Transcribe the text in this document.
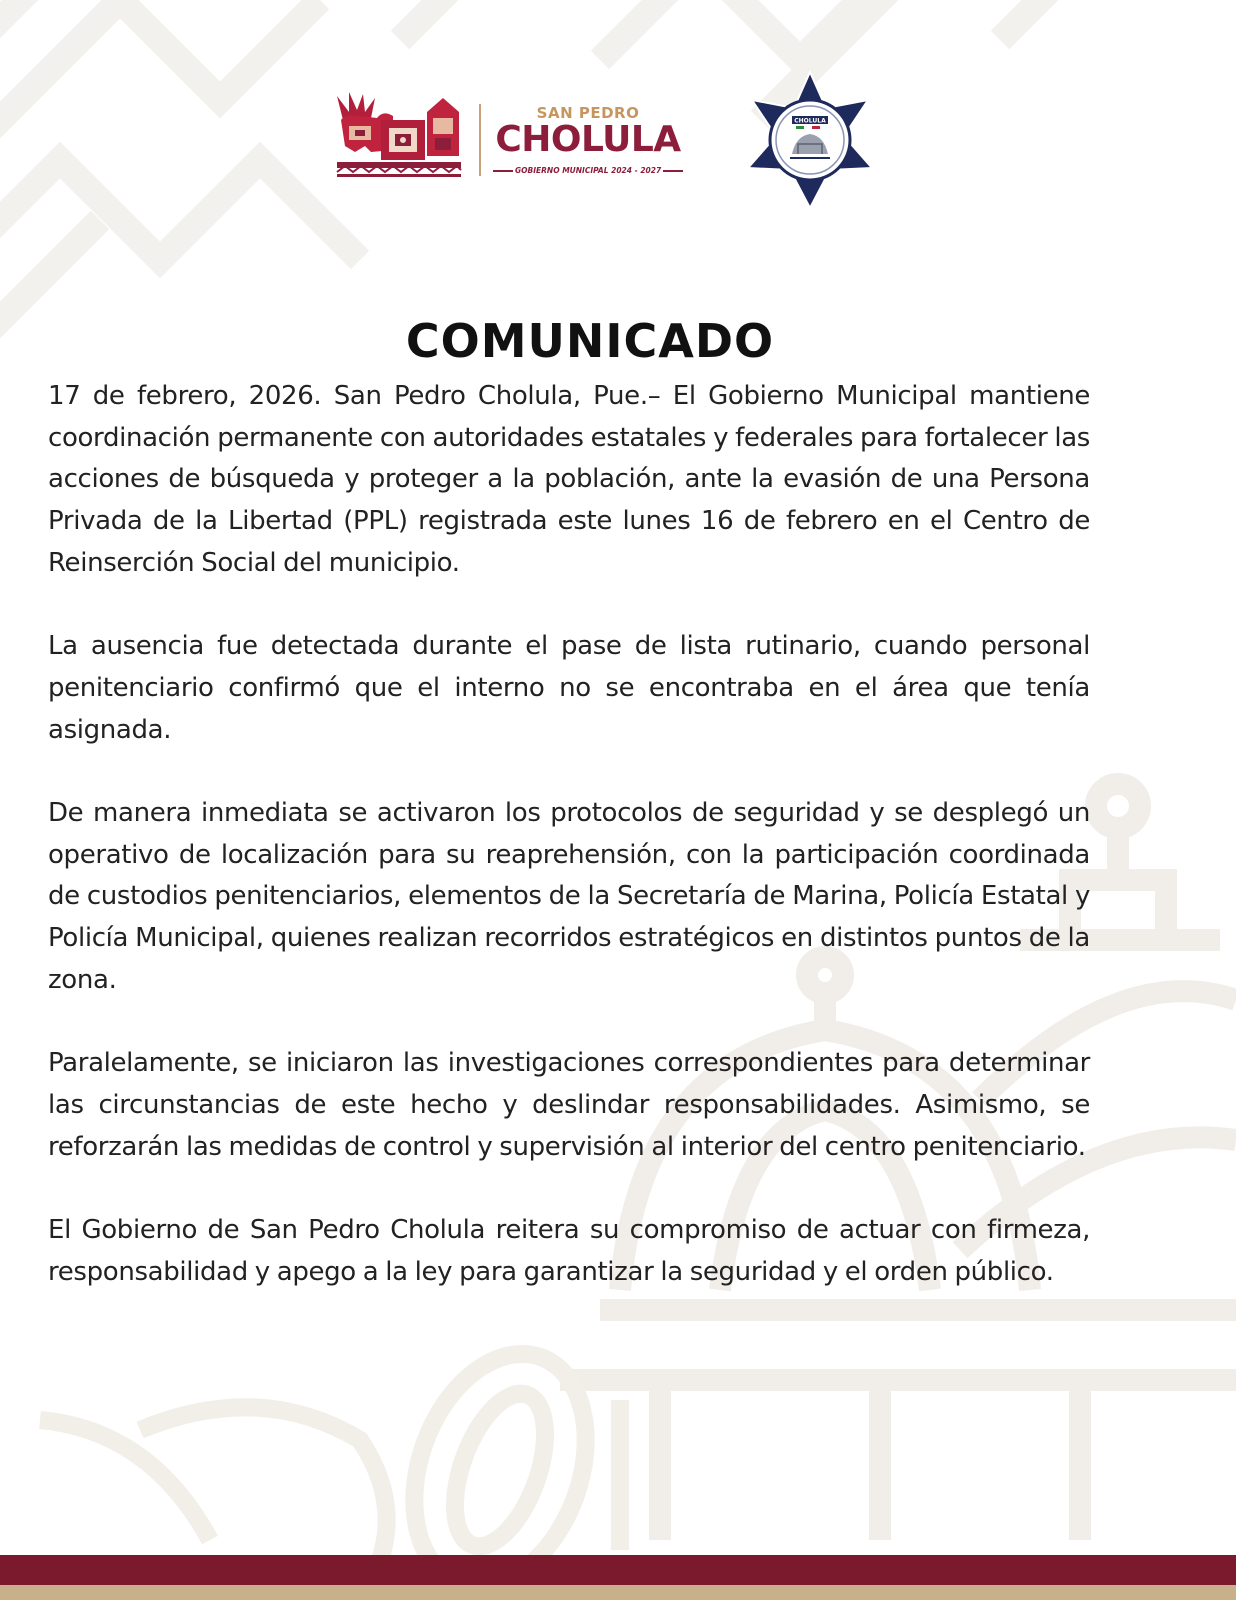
SAN PEDRO
CHOLULA
GOBIERNO MUNICIPAL 2024 - 2027
CHOLULA
COMUNICADO

17 de febrero, 2026. San Pedro Cholula, Pue.– El Gobierno Municipal mantiene coordinación permanente con autoridades estatales y federales para fortalecer las acciones de búsqueda y proteger a la población, ante la evasión de una Persona Privada de la Libertad (PPL) registrada este lunes 16 de febrero en el Centro de Reinserción Social del municipio.

La ausencia fue detectada durante el pase de lista rutinario, cuando personal penitenciario confirmó que el interno no se encontraba en el área que tenía asignada.

De manera inmediata se activaron los protocolos de seguridad y se desplegó un operativo de localización para su reaprehensión, con la participación coordinada de custodios penitenciarios, elementos de la Secretaría de Marina, Policía Estatal y Policía Municipal, quienes realizan recorridos estratégicos en distintos puntos de la zona.

Paralelamente, se iniciaron las investigaciones correspondientes para determinar las circunstancias de este hecho y deslindar responsabilidades. Asimismo, se reforzarán las medidas de control y supervisión al interior del centro penitenciario.

El Gobierno de San Pedro Cholula reitera su compromiso de actuar con firmeza, responsabilidad y apego a la ley para garantizar la seguridad y el orden público.
